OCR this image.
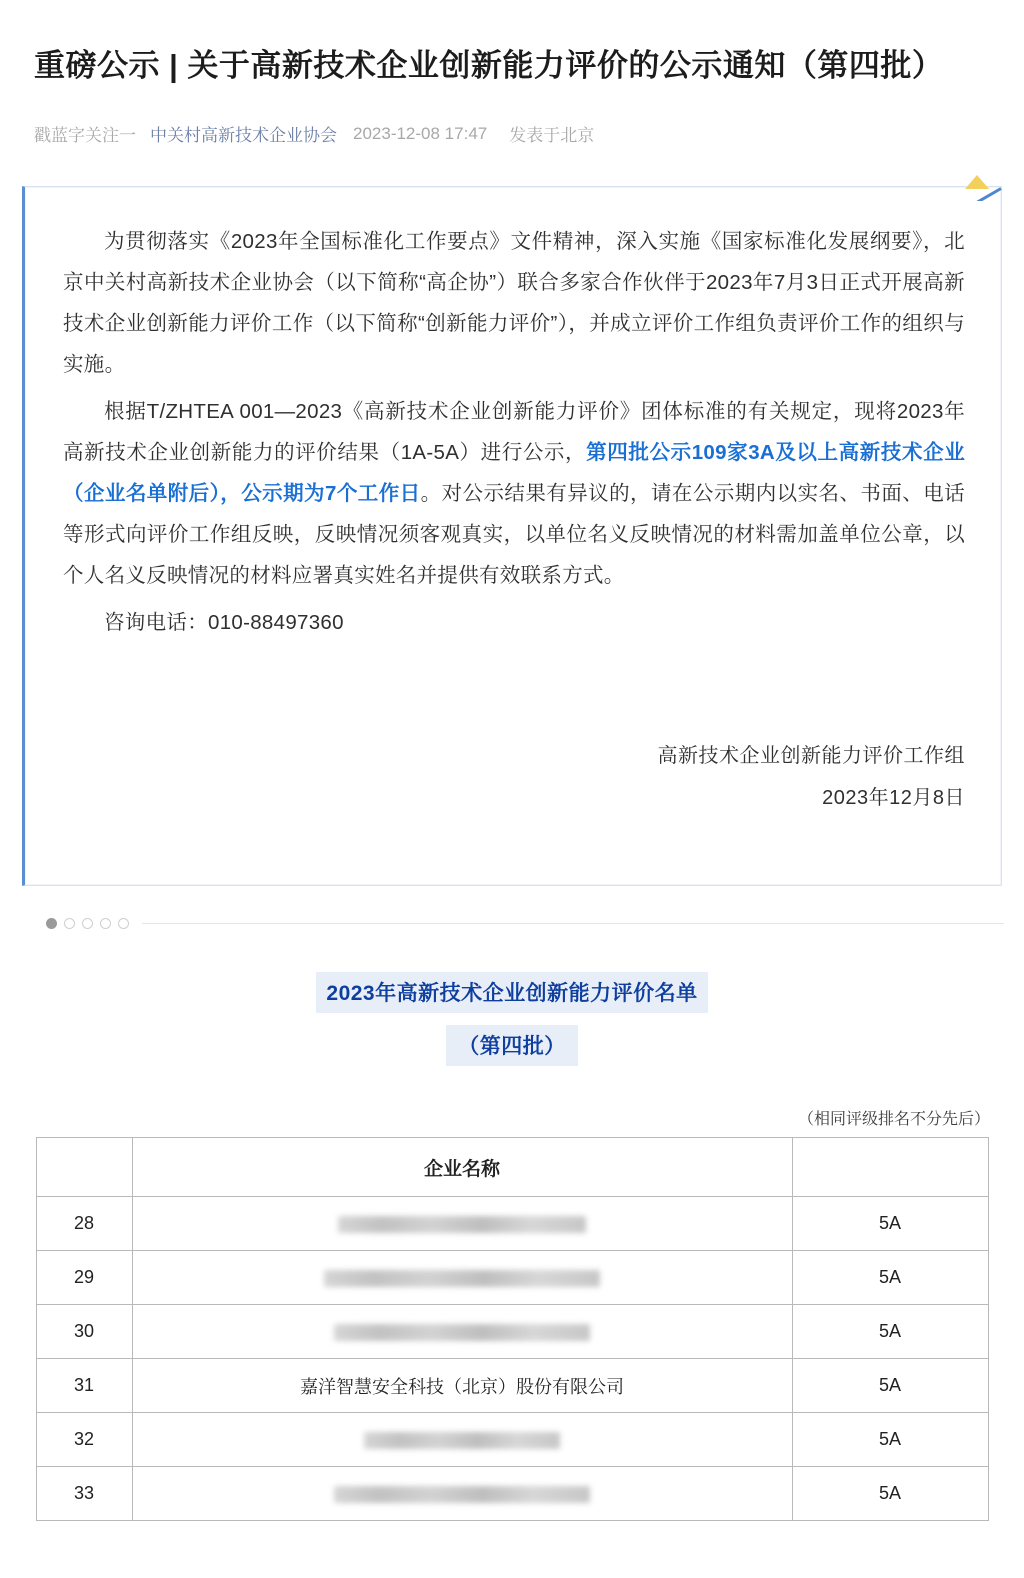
重磅公示 | 关于高新技术企业创新能力评价的公示通知（第四批）
戳蓝字关注一 中关村高新技术企业协会 2023-12-08 17:47 发表于北京

为贯彻落实《2023年全国标准化工作要点》文件精神，深入实施《国家标准化发展纲要》，北京中关村高新技术企业协会（以下简称“高企协”）联合多家合作伙伴于2023年7月3日正式开展高新技术企业创新能力评价工作（以下简称“创新能力评价”），并成立评价工作组负责评价工作的组织与实施。

根据T/ZHTEA 001—2023《高新技术企业创新能力评价》团体标准的有关规定，现将2023年高新技术企业创新能力的评价结果（1A-5A）进行公示，第四批公示109家3A及以上高新技术企业（企业名单附后），公示期为7个工作日。对公示结果有异议的，请在公示期内以实名、书面、电话等形式向评价工作组反映，反映情况须客观真实，以单位名义反映情况的材料需加盖单位公章，以个人名义反映情况的材料应署真实姓名并提供有效联系方式。

咨询电话：010-88497360

高新技术企业创新能力评价工作组
2023年12月8日
2023年高新技术企业创新能力评价名单
（第四批）
（相同评级排名不分先后）
	企业名称	
28		5A
29		5A
30		5A
31	嘉洋智慧安全科技（北京）股份有限公司	5A
32		5A
33		5A
